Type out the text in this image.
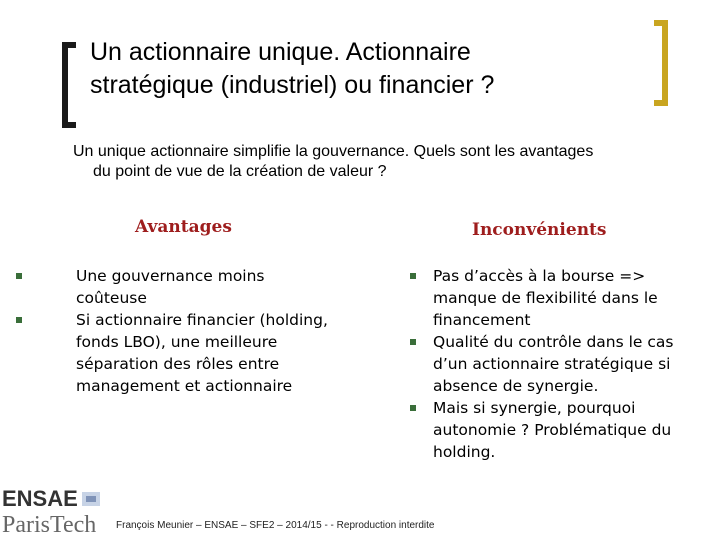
Un actionnaire unique. Actionnaire
stratégique (industriel) ou financier ?
Un unique actionnaire simplifie la gouvernance. Quels sont les avantages
du point de vue de la création de valeur ?
Avantages	Inconvénients
Une gouvernance moins coûteuse
Si actionnaire financier (holding, fonds LBO), une meilleure séparation des rôles entre management et actionnaire
Pas d’accès à la bourse => manque de flexibilité dans le financement
Qualité du contrôle dans le cas d’un actionnaire stratégique si absence de synergie.
Mais si synergie, pourquoi autonomie ? Problématique du holding.
ENSAE
ParisTech François Meunier – ENSAE – SFE2 – 2014/15 - - Reproduction interdite
